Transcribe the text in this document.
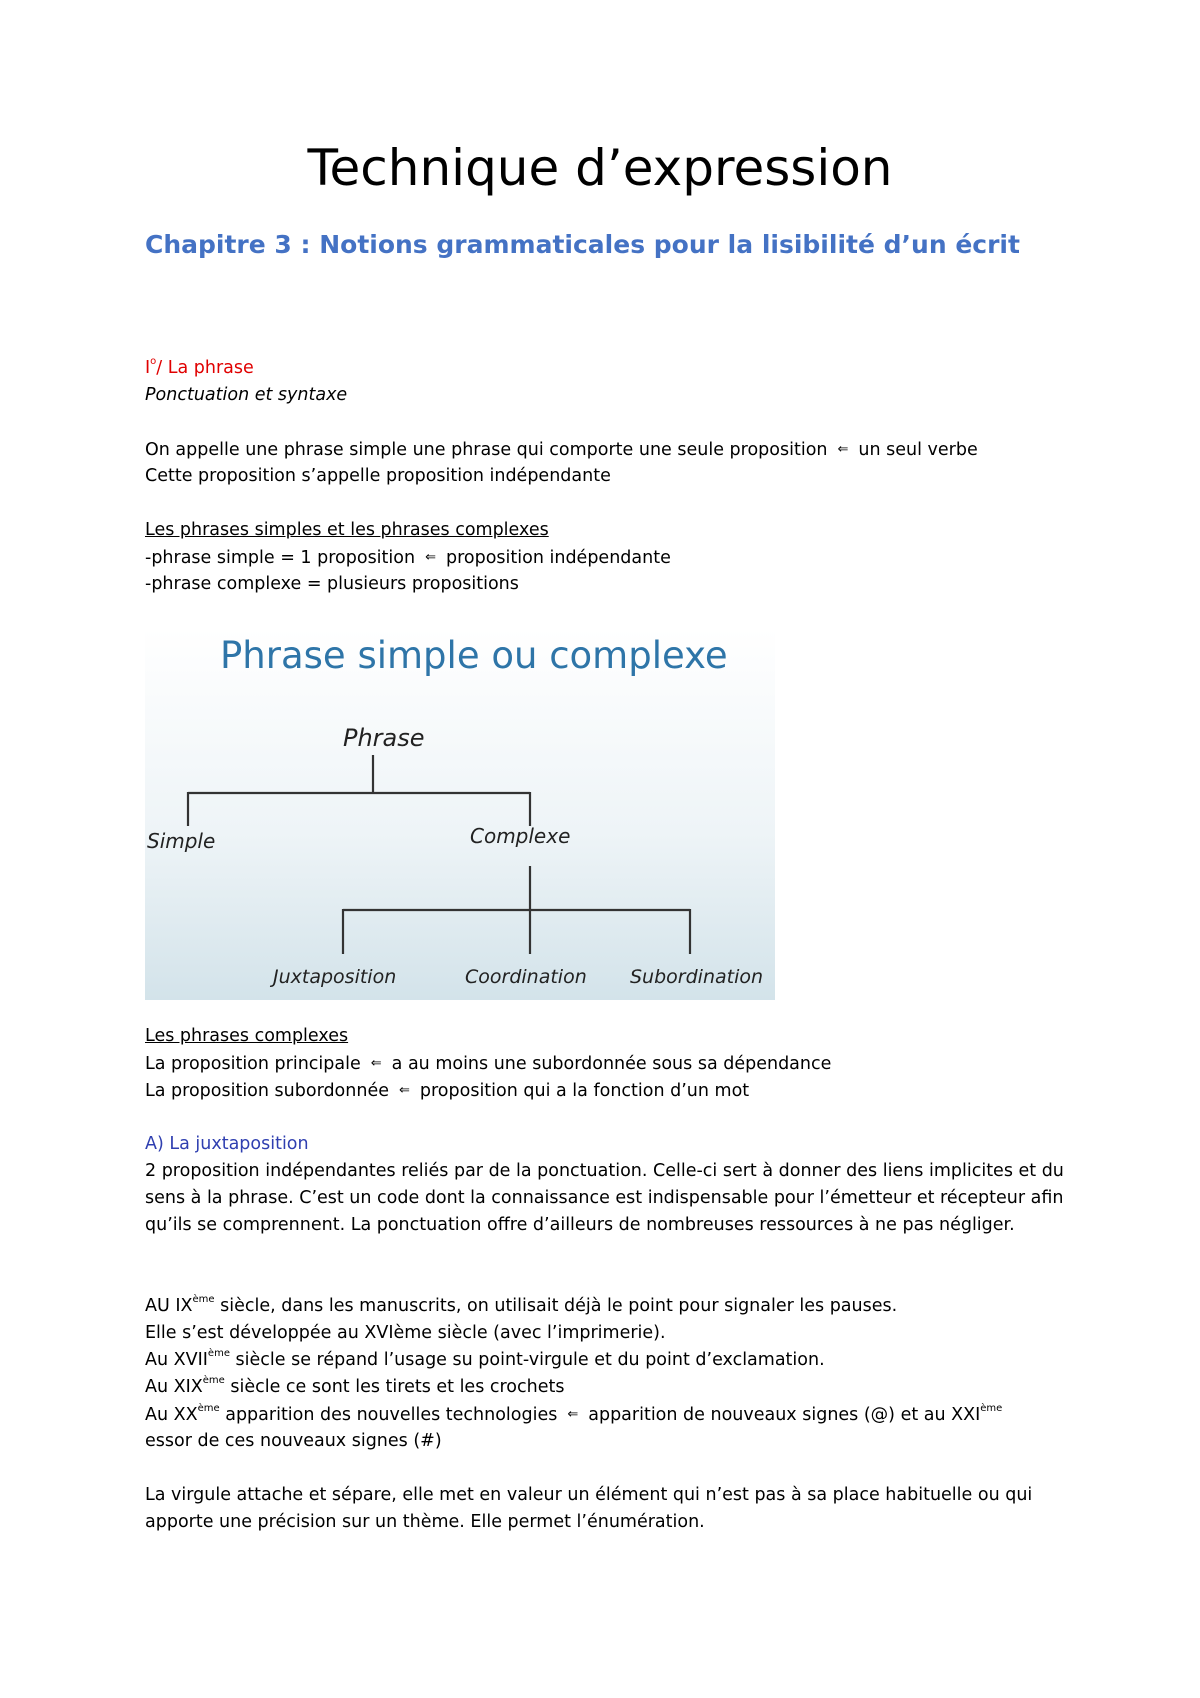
Technique d’expression
Chapitre 3 : Notions grammaticales pour la lisibilité d’un écrit
$I^o/$ La phrase
Ponctuation et syntaxe
On appelle une phrase simple une phrase qui comporte une seule proposition ⇐ un seul verbe
Cette proposition s’appelle proposition indépendante
Les phrases simples et les phrases complexes
-phrase simple = 1 proposition ⇐ proposition indépendante
-phrase complexe = plusieurs propositions
Phrase simple ou complexe
Phrase
Simple	Complexe
Juxtaposition	Coordination Subordination
Les phrases complexes
La proposition principale ⇐ a au moins une subordonnée sous sa dépendance
La proposition subordonnée ⇐ proposition qui a la fonction d’un mot
A) La juxtaposition
2 proposition indépendantes reliés par de la ponctuation. Celle-ci sert à donner des liens implicites et du sens à la phrase. C’est un code dont la connaissance est indispensable pour l’émetteur et récepteur afin qu’ils se comprennent. La ponctuation offre d’ailleurs de nombreuses ressources à ne pas négliger.
AU IXème siècle, dans les manuscrits, on utilisait déjà le point pour signaler les pauses.
Elle s’est développée au XVIème siècle (avec l’imprimerie).
Au XVIIème siècle se répand l’usage su point-virgule et du point d’exclamation.
Au XIXème siècle ce sont les tirets et les crochets
Au XXème apparition des nouvelles technologies ⇐ apparition de nouveaux signes (@) et au XXIème
essor de ces nouveaux signes (#)
La virgule attache et sépare, elle met en valeur un élément qui n’est pas à sa place habituelle ou qui apporte une précision sur un thème. Elle permet l’énumération.
